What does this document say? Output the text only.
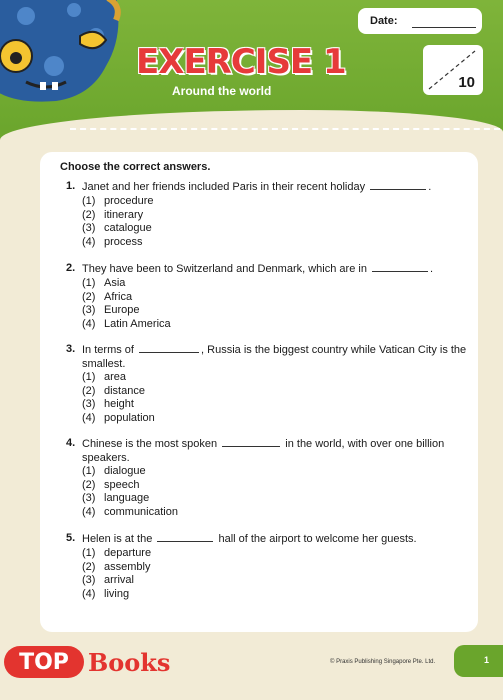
EXERCISE 1
Around the world
Date:
10
Choose the correct answers.
1. Janet and her friends included Paris in their recent holiday	.
(1) procedure
(2) itinerary
(3) catalogue
(4) process
2. They have been to Switzerland and Denmark, which are in	.
(1) Asia
(2) Africa
(3) Europe
(4) Latin America
3. In terms of	, Russia is the biggest country while Vatican City is the smallest.
(1) area
(2) distance
(3) height
(4) population
4. Chinese is the most spoken	in the world, with over one billion speakers.
(1) dialogue
(2) speech
(3) language
(4) communication
5. Helen is at the	hall of the airport to welcome her guests.
(1) departure
(2) assembly
(3) arrival
(4) living
TOP Books	© Praxis Publishing Singapore Pte. Ltd.	1
